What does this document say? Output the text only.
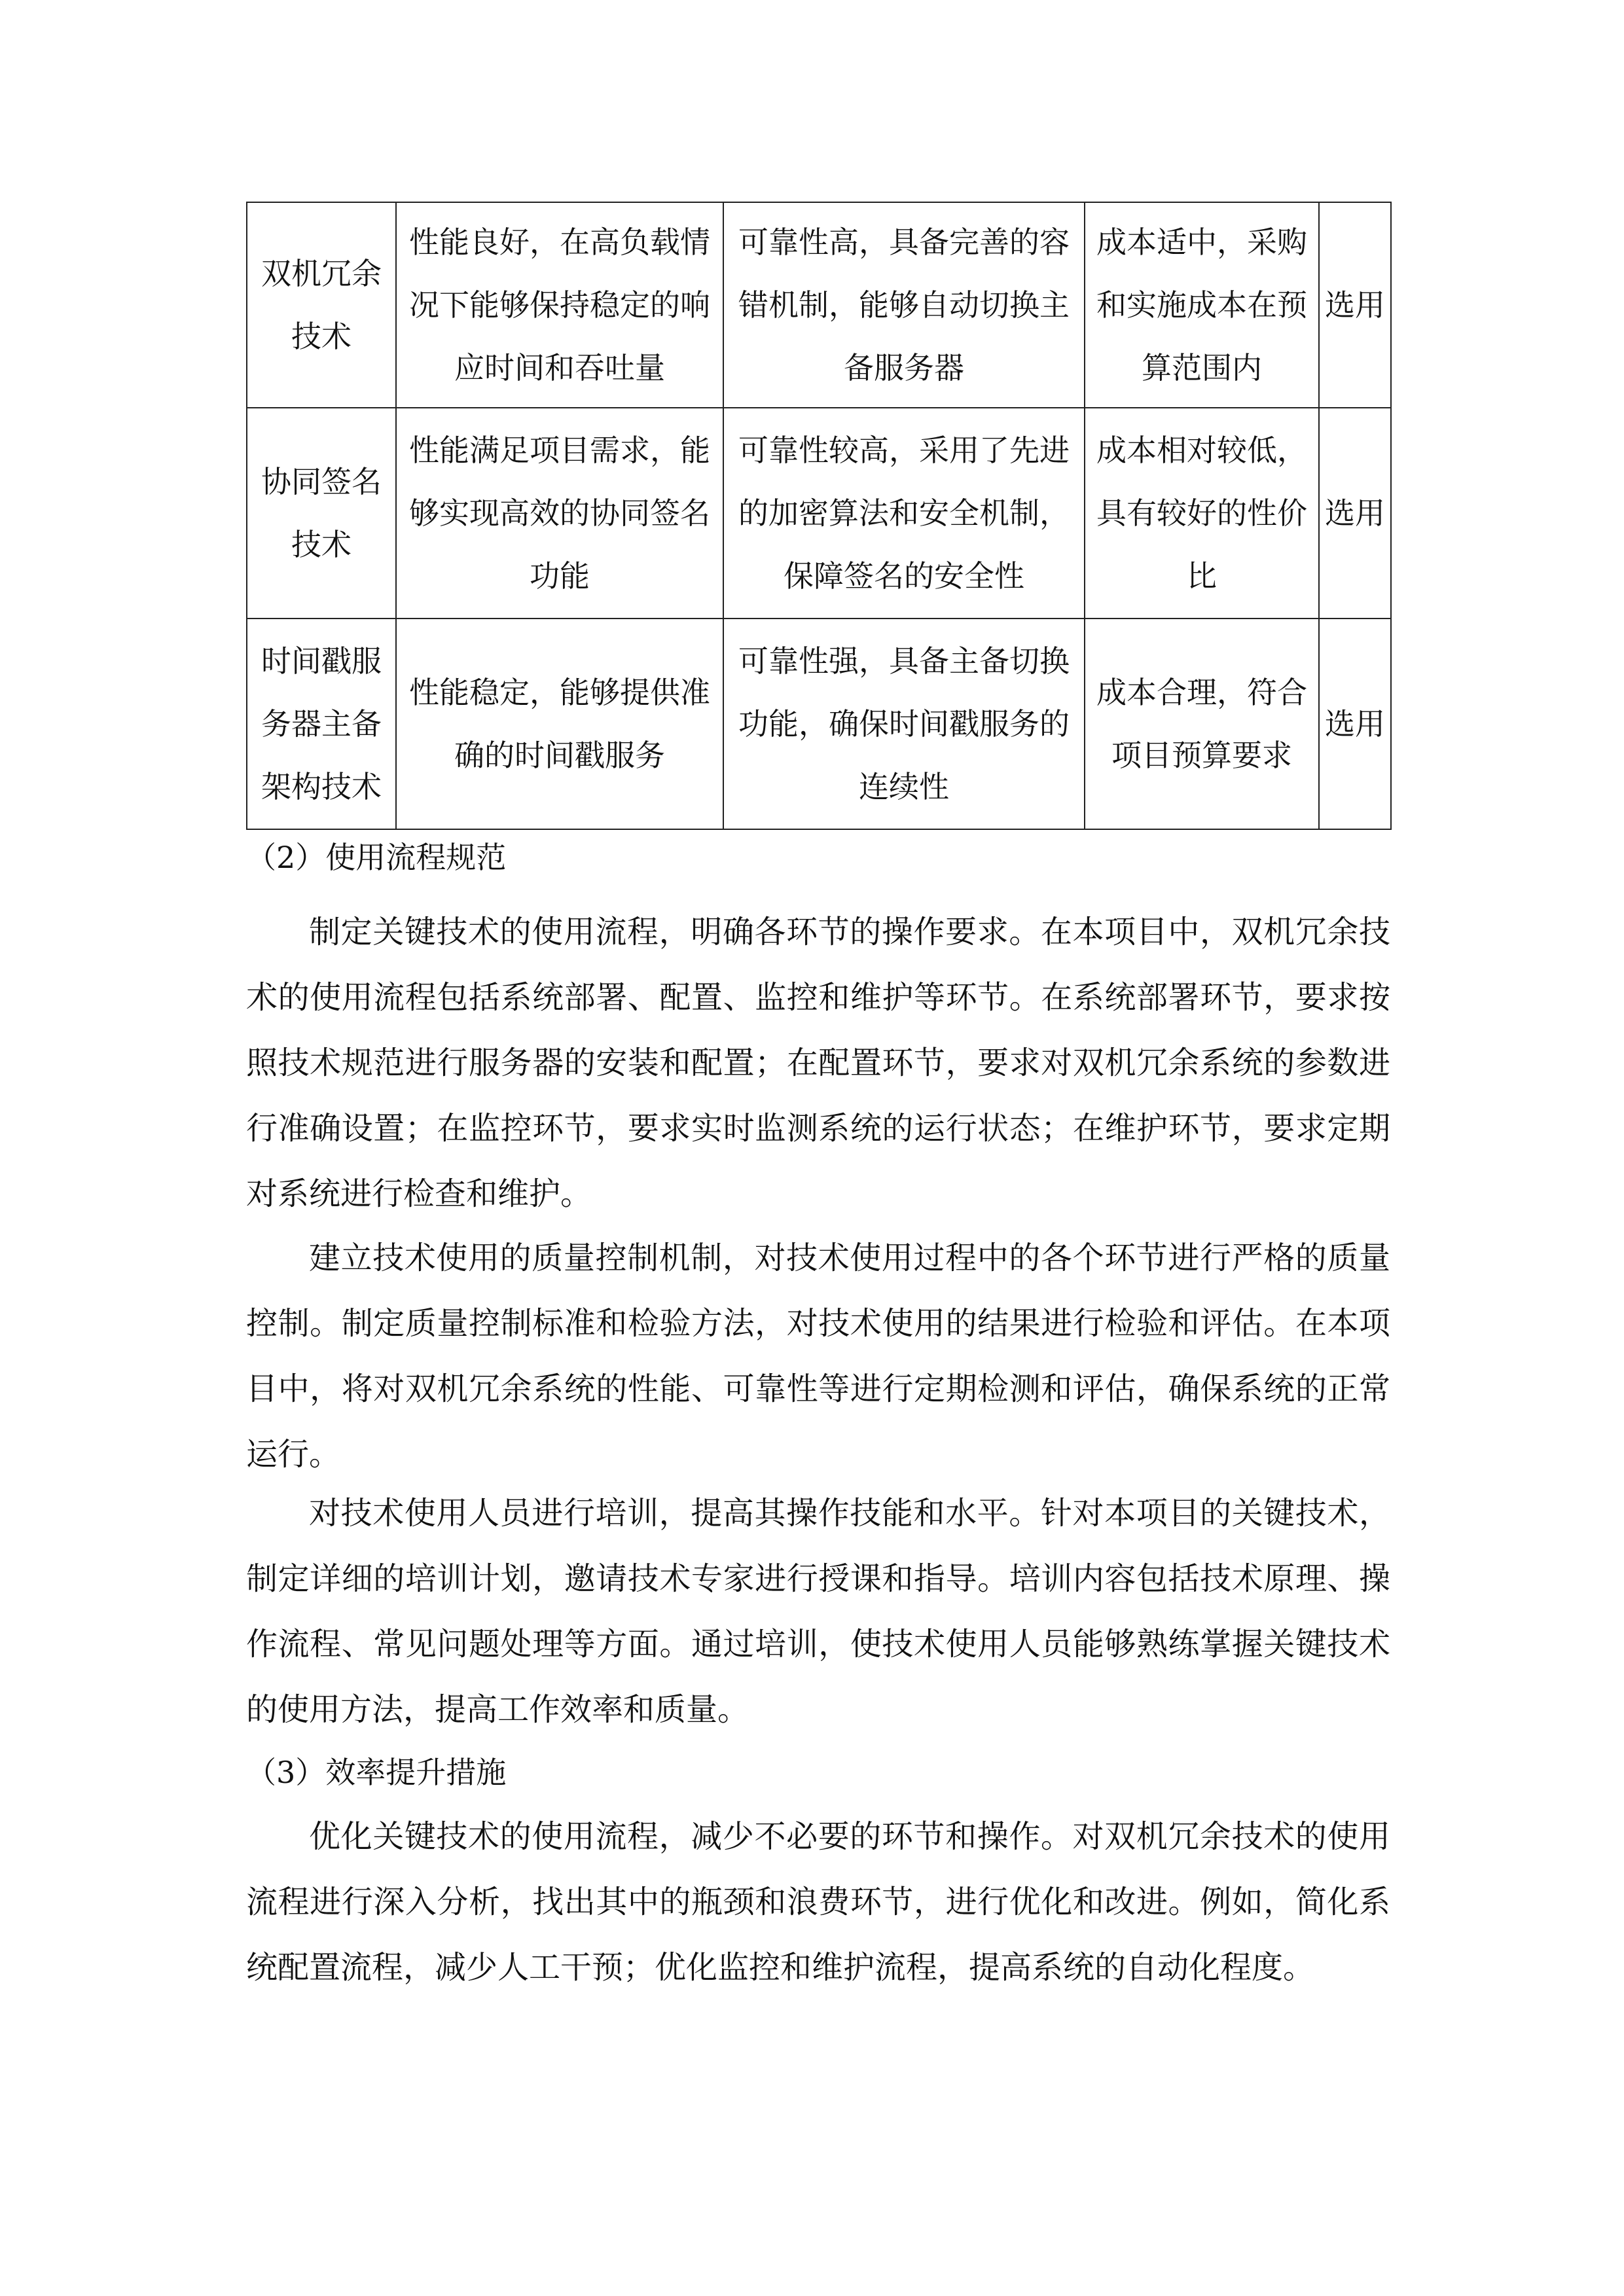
双机冗余技术	性能良好，在高负载情况下能够保持稳定的响应时间和吞吐量	可靠性高，具备完善的容错机制，能够自动切换主备服务器	成本适中，采购和实施成本在预算范围内	选用
协同签名技术	性能满足项目需求，能够实现高效的协同签名功能	可靠性较高，采用了先进的加密算法和安全机制，保障签名的安全性	成本相对较低，具有较好的性价比	选用
时间戳服务器主备架构技术	性能稳定，能够提供准确的时间戳服务	可靠性强，具备主备切换功能，确保时间戳服务的连续性	成本合理，符合项目预算要求	选用
（2）使用流程规范

制定关键技术的使用流程，明确各环节的操作要求。在本项目中，双机冗余技术的使用流程包括系统部署、配置、监控和维护等环节。在系统部署环节，要求按照技术规范进行服务器的安装和配置；在配置环节，要求对双机冗余系统的参数进行准确设置；在监控环节，要求实时监测系统的运行状态；在维护环节，要求定期对系统进行检查和维护。

建立技术使用的质量控制机制，对技术使用过程中的各个环节进行严格的质量控制。制定质量控制标准和检验方法，对技术使用的结果进行检验和评估。在本项目中，将对双机冗余系统的性能、可靠性等进行定期检测和评估，确保系统的正常运行。

对技术使用人员进行培训，提高其操作技能和水平。针对本项目的关键技术，制定详细的培训计划，邀请技术专家进行授课和指导。培训内容包括技术原理、操作流程、常见问题处理等方面。通过培训，使技术使用人员能够熟练掌握关键技术的使用方法，提高工作效率和质量。

（3）效率提升措施

优化关键技术的使用流程，减少不必要的环节和操作。对双机冗余技术的使用流程进行深入分析，找出其中的瓶颈和浪费环节，进行优化和改进。例如，简化系统配置流程，减少人工干预；优化监控和维护流程，提高系统的自动化程度。
